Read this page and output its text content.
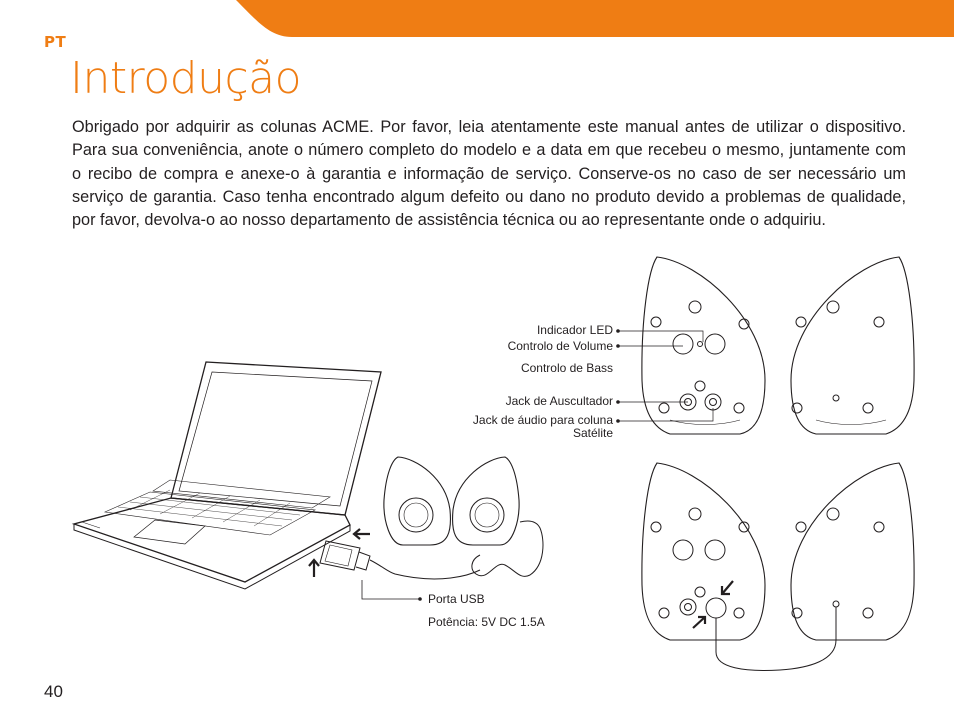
PT
Introdução

Obrigado por adquirir as colunas ACME. Por favor, leia atentamente este manual antes de utilizar o dispositivo. Para sua conveniência, anote o número completo do modelo e a data em que recebeu o mesmo, juntamente com o recibo de compra e anexe-o à garantia e informação de serviço. Conserve-os no caso de ser necessário um serviço de garantia. Caso tenha encontrado algum defeito ou dano no produto devido a problemas de qualidade, por favor, devolva-o ao nosso departamento de assistência técnica ou ao representante onde o adquiriu.

Indicador LED
Controlo de Volume
Controlo de Bass
Jack de Auscultador
Jack de áudio para coluna
Satélite
Porta USB
Potência: 5V DC 1.5A
40
